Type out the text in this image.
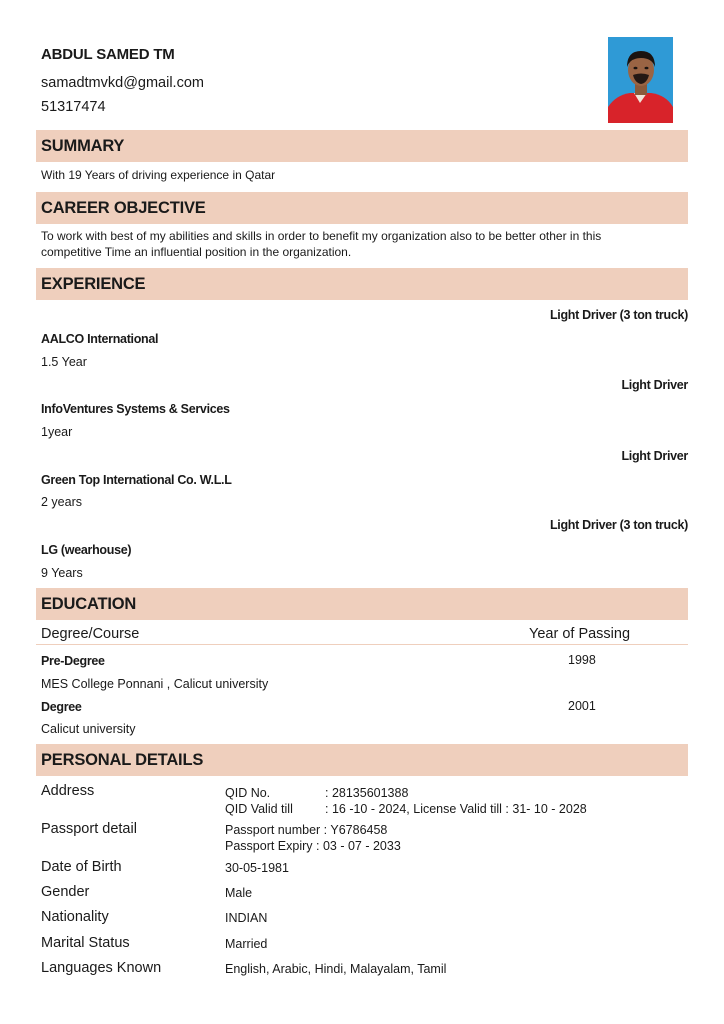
ABDUL SAMED TM
samadtmvkd@gmail.com
51317474
SUMMARY
With 19 Years of driving experience in Qatar
CAREER OBJECTIVE
To work with best of my abilities and skills in order to benefit my organization also to be better other in this
competitive Time an influential position in the organization.
EXPERIENCE
Light Driver (3 ton truck)
AALCO International
1.5 Year
Light Driver
InfoVentures Systems & Services
1year
Light Driver
Green Top International Co. W.L.L
2 years
Light Driver (3 ton truck)
LG (wearhouse)
9 Years
EDUCATION
Degree/Course	Year of Passing
Pre-Degree	1998
MES College Ponnani , Calicut university
Degree	2001
Calicut university
PERSONAL DETAILS
Address	QID No.	: 28135601388
QID Valid till	: 16 -10 - 2024, License Valid till : 31- 10 - 2028
Passport detail	Passport number : Y6786458
Passport Expiry : 03 - 07 - 2033
Date of Birth	30-05-1981
Gender	Male
Nationality	INDIAN
Marital Status	Married
Languages Known	English, Arabic, Hindi, Malayalam, Tamil
